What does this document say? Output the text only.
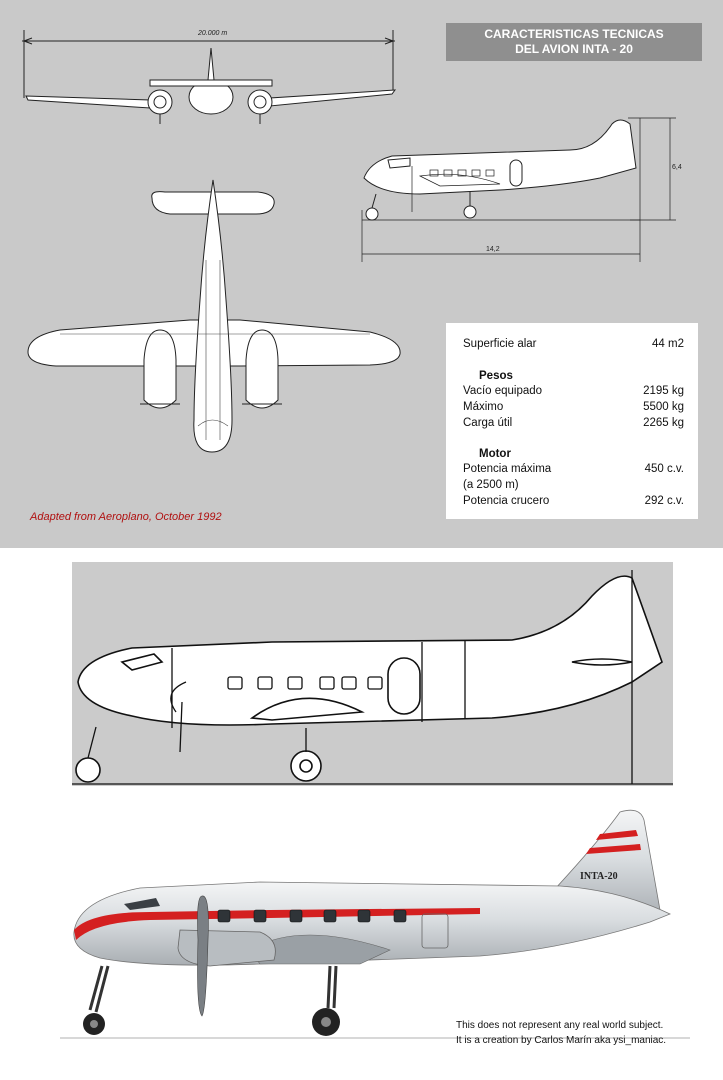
20.000 m
6,4
14,2
CARACTERISTICAS TECNICAS
DEL AVION INTA - 20
Superficie alar	44 m2
Pesos
Vacío equipado	2195 kg
Máximo	5500 kg
Carga útil	2265 kg
Motor
Potencia máxima	450 c.v.
(a 2500 m)
Potencia crucero	292 c.v.
Adapted from Aeroplano, October 1992
INTA-20
This does not represent any real world subject.
It is a creation by Carlos Marín aka ysi_maniac.
